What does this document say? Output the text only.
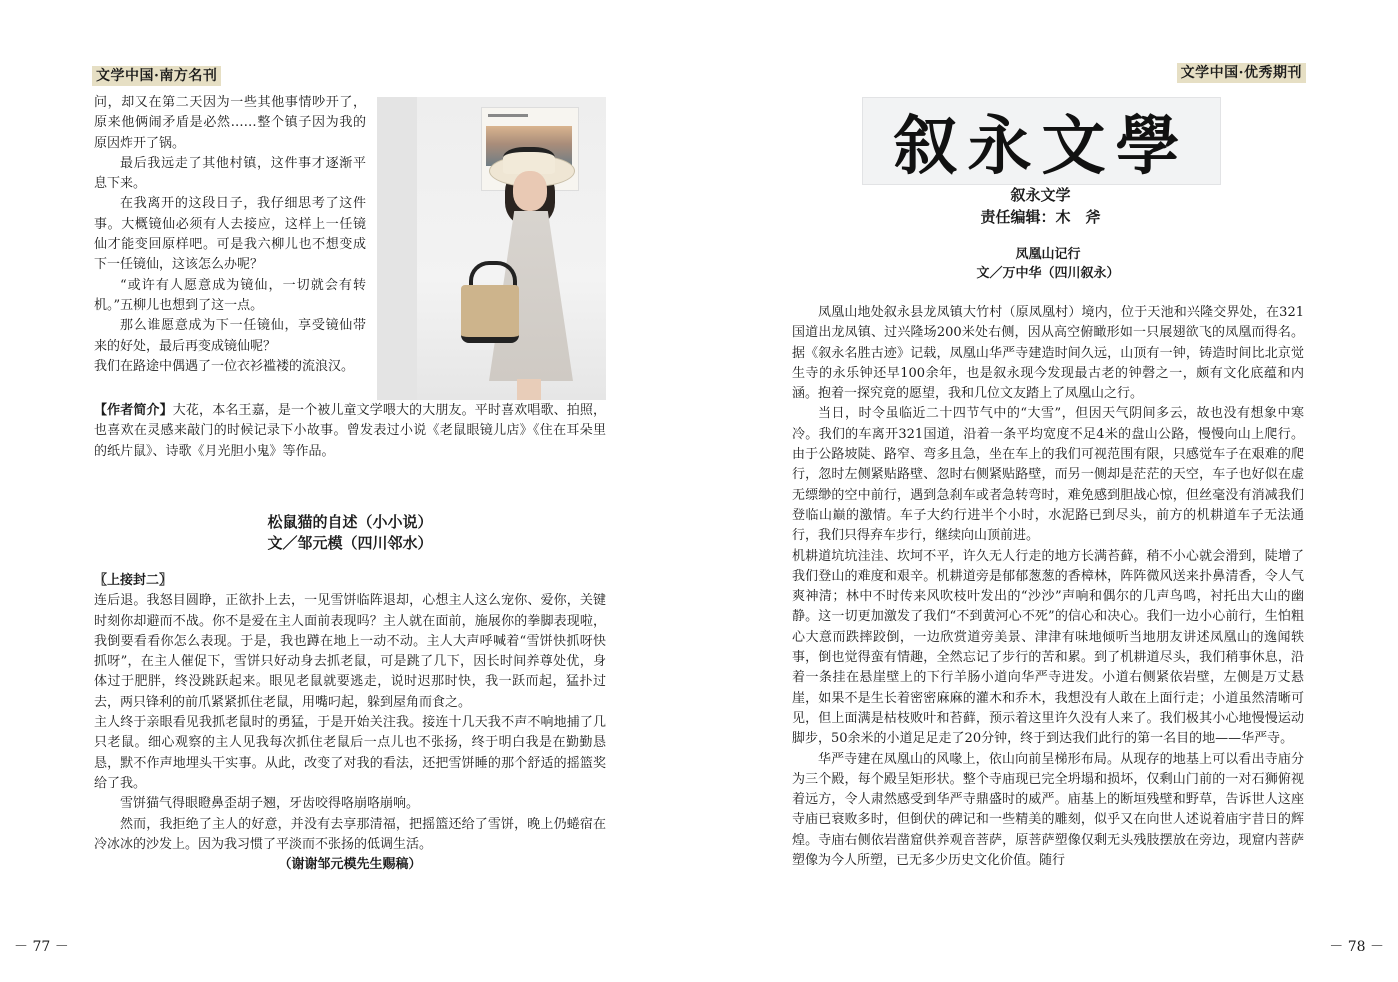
文学中国·南方名刊

问，却又在第二天因为一些其他事情吵开了，原来他俩闹矛盾是必然……整个镇子因为我的原因炸开了锅。

最后我远走了其他村镇，这件事才逐渐平息下来。

在我离开的这段日子，我仔细思考了这件事。大概镜仙必须有人去接应，这样上一任镜仙才能变回原样吧。可是我六柳儿也不想变成下一任镜仙，这该怎么办呢？

“或许有人愿意成为镜仙，一切就会有转机。”五柳儿也想到了这一点。

那么谁愿意成为下一任镜仙，享受镜仙带来的好处，最后再变成镜仙呢？

我们在路途中偶遇了一位衣衫褴褛的流浪汉。

【作者简介】大花，本名王嘉，是一个被儿童文学喂大的大朋友。平时喜欢唱歌、拍照，也喜欢在灵感来敲门的时候记录下小故事。曾发表过小说《老鼠眼镜儿店》《住在耳朵里的纸片鼠》、诗歌《月光胆小鬼》等作品。

松鼠猫的自述（小小说）
文／邹元模（四川邻水）

〖上接封二〗

连后退。我怒目圆睁，正欲扑上去，一见雪饼临阵退却，心想主人这么宠你、爱你，关键时刻你却避而不战。你不是爱在主人面前表现吗？主人就在面前，施展你的拳脚表现啦，我倒要看看你怎么表现。于是，我也蹲在地上一动不动。主人大声呼喊着“雪饼快抓呀快抓呀”，在主人催促下，雪饼只好动身去抓老鼠，可是跳了几下，因长时间养尊处优，身体过于肥胖，终没跳跃起来。眼见老鼠就要逃走，说时迟那时快，我一跃而起，猛扑过去，两只锋利的前爪紧紧抓住老鼠，用嘴叼起，躲到屋角而食之。

主人终于亲眼看见我抓老鼠时的勇猛，于是开始关注我。接连十几天我不声不响地捕了几只老鼠。细心观察的主人见我每次抓住老鼠后一点儿也不张扬，终于明白我是在勤勤恳恳，默不作声地埋头干实事。从此，改变了对我的看法，还把雪饼睡的那个舒适的摇篮奖给了我。

雪饼猫气得眼瞪鼻歪胡子翘，牙齿咬得咯崩咯崩响。

然而，我拒绝了主人的好意，并没有去享那清福，把摇篮还给了雪饼，晚上仍蜷宿在冷冰冰的沙发上。因为我习惯了平淡而不张扬的低调生活。

（谢谢邹元模先生赐稿）

－ 77 －
文学中国·优秀期刊
叙永文學
叙永文学
责任编辑：木　斧
凤凰山记行
文／万中华（四川叙永）

凤凰山地处叙永县龙凤镇大竹村（原凤凰村）境内，位于天池和兴隆交界处，在321国道出龙凤镇、过兴隆场200米处右侧，因从高空俯瞰形如一只展翅欲飞的凤凰而得名。据《叙永名胜古迹》记载，凤凰山华严寺建造时间久远，山顶有一钟，铸造时间比北京觉生寺的永乐钟还早100余年，也是叙永现今发现最古老的钟磬之一，颇有文化底蕴和内涵。抱着一探究竟的愿望，我和几位文友踏上了凤凰山之行。

当日，时令虽临近二十四节气中的“大雪”，但因天气阴间多云，故也没有想象中寒冷。我们的车离开321国道，沿着一条平均宽度不足4米的盘山公路，慢慢向山上爬行。由于公路坡陡、路窄、弯多且急，坐在车上的我们可视范围有限，只感觉车子在艰难的爬行，忽时左侧紧贴路壁、忽时右侧紧贴路壁，而另一侧却是茫茫的天空，车子也好似在虚无缥缈的空中前行，遇到急刹车或者急转弯时，难免感到胆战心惊，但丝毫没有消减我们登临山巅的激情。车子大约行进半个小时，水泥路已到尽头，前方的机耕道车子无法通行，我们只得弃车步行，继续向山顶前进。

机耕道坑坑洼洼、坎坷不平，许久无人行走的地方长满苔藓，稍不小心就会滑到，陡增了我们登山的难度和艰辛。机耕道旁是郁郁葱葱的香樟林，阵阵微风送来扑鼻清香，令人气爽神清；林中不时传来风吹枝叶发出的“沙沙”声响和偶尔的几声鸟鸣，衬托出大山的幽静。这一切更加激发了我们“不到黄河心不死”的信心和决心。我们一边小心前行，生怕粗心大意而跌摔跤倒，一边欣赏道旁美景、津津有味地倾听当地朋友讲述凤凰山的逸闻轶事，倒也觉得蛮有情趣，全然忘记了步行的苦和累。到了机耕道尽头，我们稍事休息，沿着一条挂在悬崖壁上的下行羊肠小道向华严寺进发。小道右侧紧依岩壁，左侧是万丈悬崖，如果不是生长着密密麻麻的灌木和乔木，我想没有人敢在上面行走；小道虽然清晰可见，但上面满是枯枝败叶和苔藓，预示着这里许久没有人来了。我们极其小心地慢慢运动脚步，50余米的小道足足走了20分钟，终于到达我们此行的第一名目的地——华严寺。

华严寺建在凤凰山的风喙上，依山向前呈梯形布局。从现存的地基上可以看出寺庙分为三个殿，每个殿呈矩形状。整个寺庙现已完全坍塌和损坏，仅剩山门前的一对石狮俯视着远方，令人肃然感受到华严寺鼎盛时的威严。庙基上的断垣残壁和野草，告诉世人这座寺庙已衰败多时，但倒伏的碑记和一些精美的雕刻，似乎又在向世人述说着庙宇昔日的辉煌。寺庙右侧依岩凿窟供养观音菩萨，原菩萨塑像仅剩无头残肢摆放在旁边，现窟内菩萨塑像为今人所塑，已无多少历史文化价值。随行

－ 78 －
